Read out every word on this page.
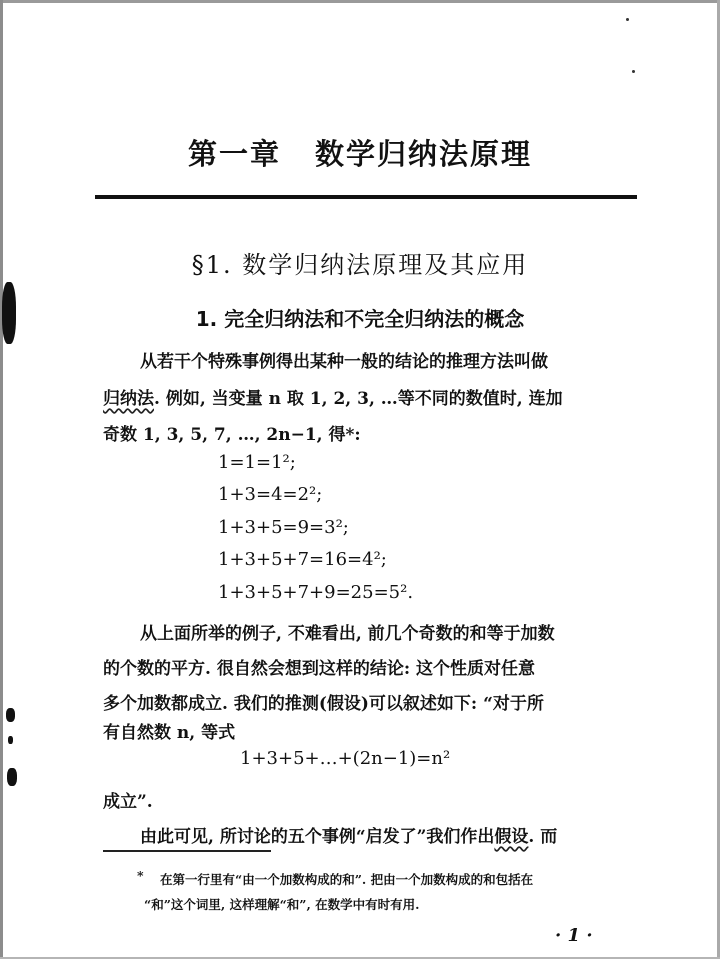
第一章 数学归纳法原理
§1. 数学归纳法原理及其应用
1. 完全归纳法和不完全归纳法的概念
从若干个特殊事例得出某种一般的结论的推理方法叫做
归纳法. 例如, 当变量 n 取 1, 2, 3, …等不同的数值时, 连加
奇数 1, 3, 5, 7, …, 2n−1, 得*:
1=1=1²;
1+3=4=2²;
1+3+5=9=3²;
1+3+5+7=16=4²;
1+3+5+7+9=25=5².
从上面所举的例子, 不难看出, 前几个奇数的和等于加数
的个数的平方. 很自然会想到这样的结论: 这个性质对任意
多个加数都成立. 我们的推测(假设)可以叙述如下: “对于所
有自然数 n, 等式
1+3+5+…+(2n−1)=n²
成立”.
由此可见, 所讨论的五个事例“启发了”我们作出假设. 而
* 在第一行里有“由一个加数构成的和”. 把由一个加数构成的和包括在
“和”这个词里, 这样理解“和”, 在数学中有时有用.
· 1 ·
